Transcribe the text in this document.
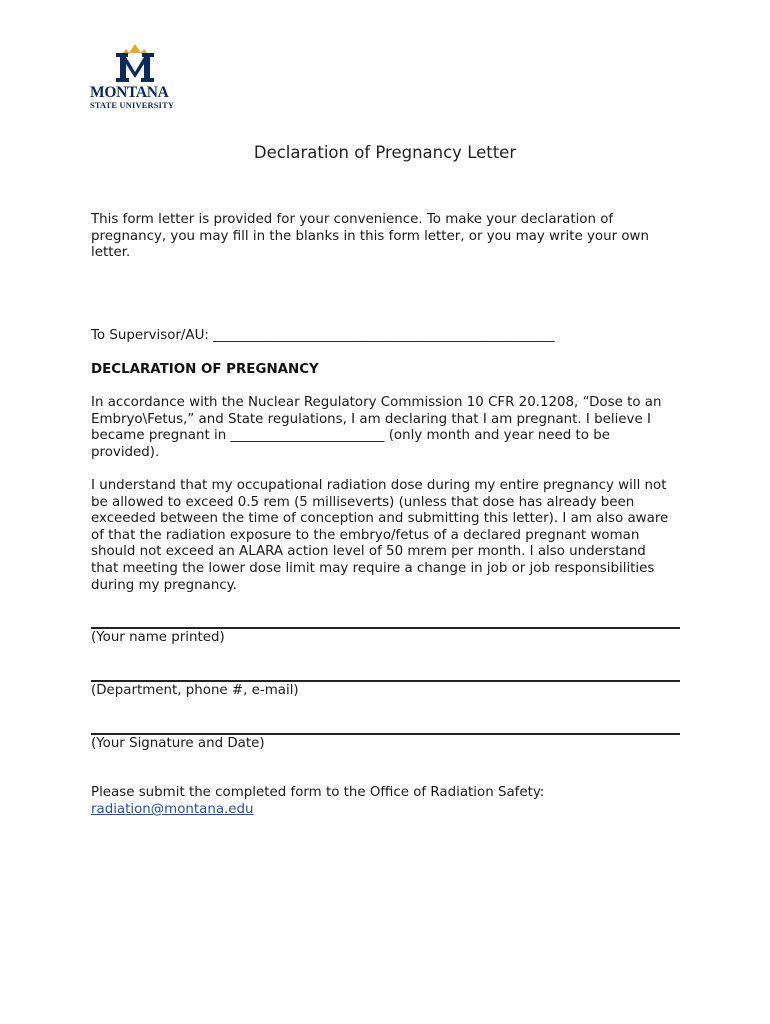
MONTANA
STATE UNIVERSITY
Declaration of Pregnancy Letter

This form letter is provided for your convenience. To make your declaration of pregnancy, you may fill in the blanks in this form letter, or you may write your own letter.

To Supervisor/AU: ___________________________________________________

DECLARATION OF PREGNANCY

In accordance with the Nuclear Regulatory Commission 10 CFR 20.1208, “Dose to an Embryo\Fetus,” and State regulations, I am declaring that I am pregnant. I believe I became pregnant in _______________________ (only month and year need to be provided).

I understand that my occupational radiation dose during my entire pregnancy will not be allowed to exceed 0.5 rem (5 milliseverts) (unless that dose has already been exceeded between the time of conception and submitting this letter). I am also aware of that the radiation exposure to the embryo/fetus of a declared pregnant woman should not exceed an ALARA action level of 50 mrem per month. I also understand that meeting the lower dose limit may require a change in job or job responsibilities during my pregnancy.

(Your name printed)
(Department, phone #, e-mail)
(Your Signature and Date)

Please submit the completed form to the Office of Radiation Safety:

radiation@montana.edu
